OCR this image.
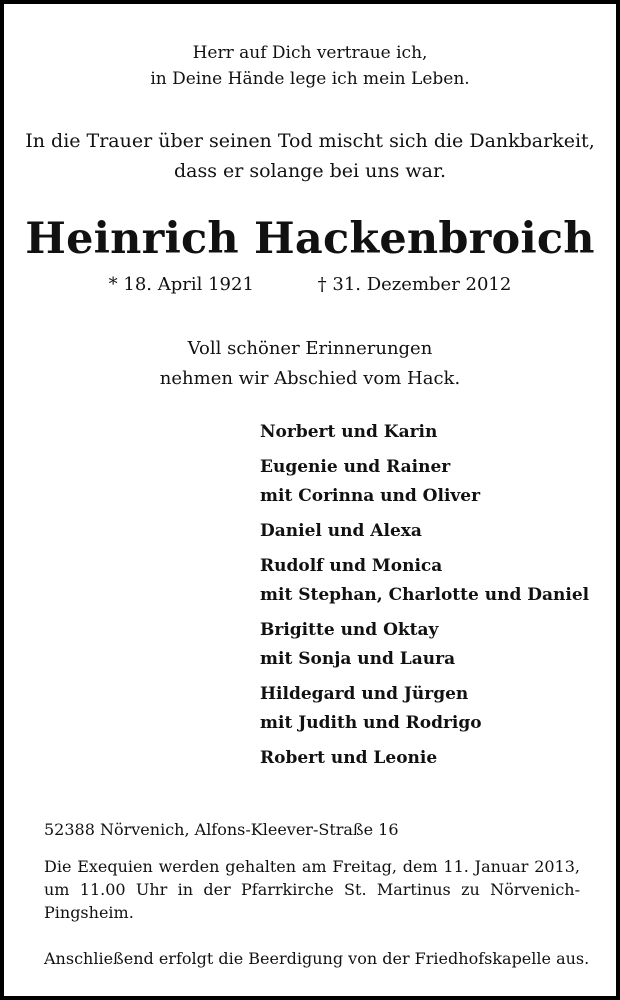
Herr auf Dich vertraue ich,
in Deine Hände lege ich mein Leben.
In die Trauer über seinen Tod mischt sich die Dankbarkeit,
dass er solange bei uns war.
Heinrich Hackenbroich
* 18. April 1921	† 31. Dezember 2012
Voll schöner Erinnerungen
nehmen wir Abschied vom Hack.
Norbert und Karin
Eugenie und Rainer
mit Corinna und Oliver
Daniel und Alexa
Rudolf und Monica
mit Stephan, Charlotte und Daniel
Brigitte und Oktay
mit Sonja und Laura
Hildegard und Jürgen
mit Judith und Rodrigo
Robert und Leonie
52388 Nörvenich, Alfons-Kleever-Straße 16
Die Exequien werden gehalten am Freitag, dem 11. Januar 2013, um 11.00 Uhr in der Pfarrkirche St. Martinus zu Nörvenich-Pingsheim.
Anschließend erfolgt die Beerdigung von der Friedhofskapelle aus.
